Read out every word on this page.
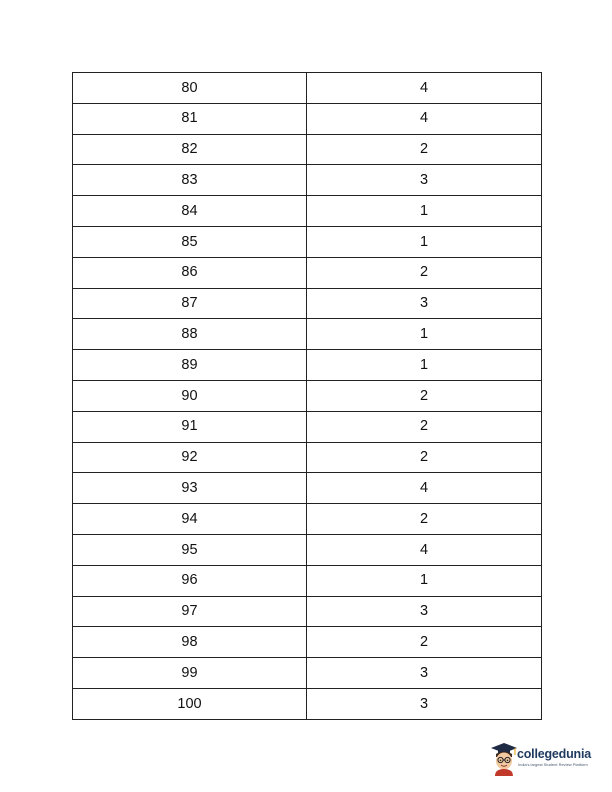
80	4
81	4
82	2
83	3
84	1
85	1
86	2
87	3
88	1
89	1
90	2
91	2
92	2
93	4
94	2
95	4
96	1
97	3
98	2
99	3
100	3
collegedunia
India's largest Student Review Platform
